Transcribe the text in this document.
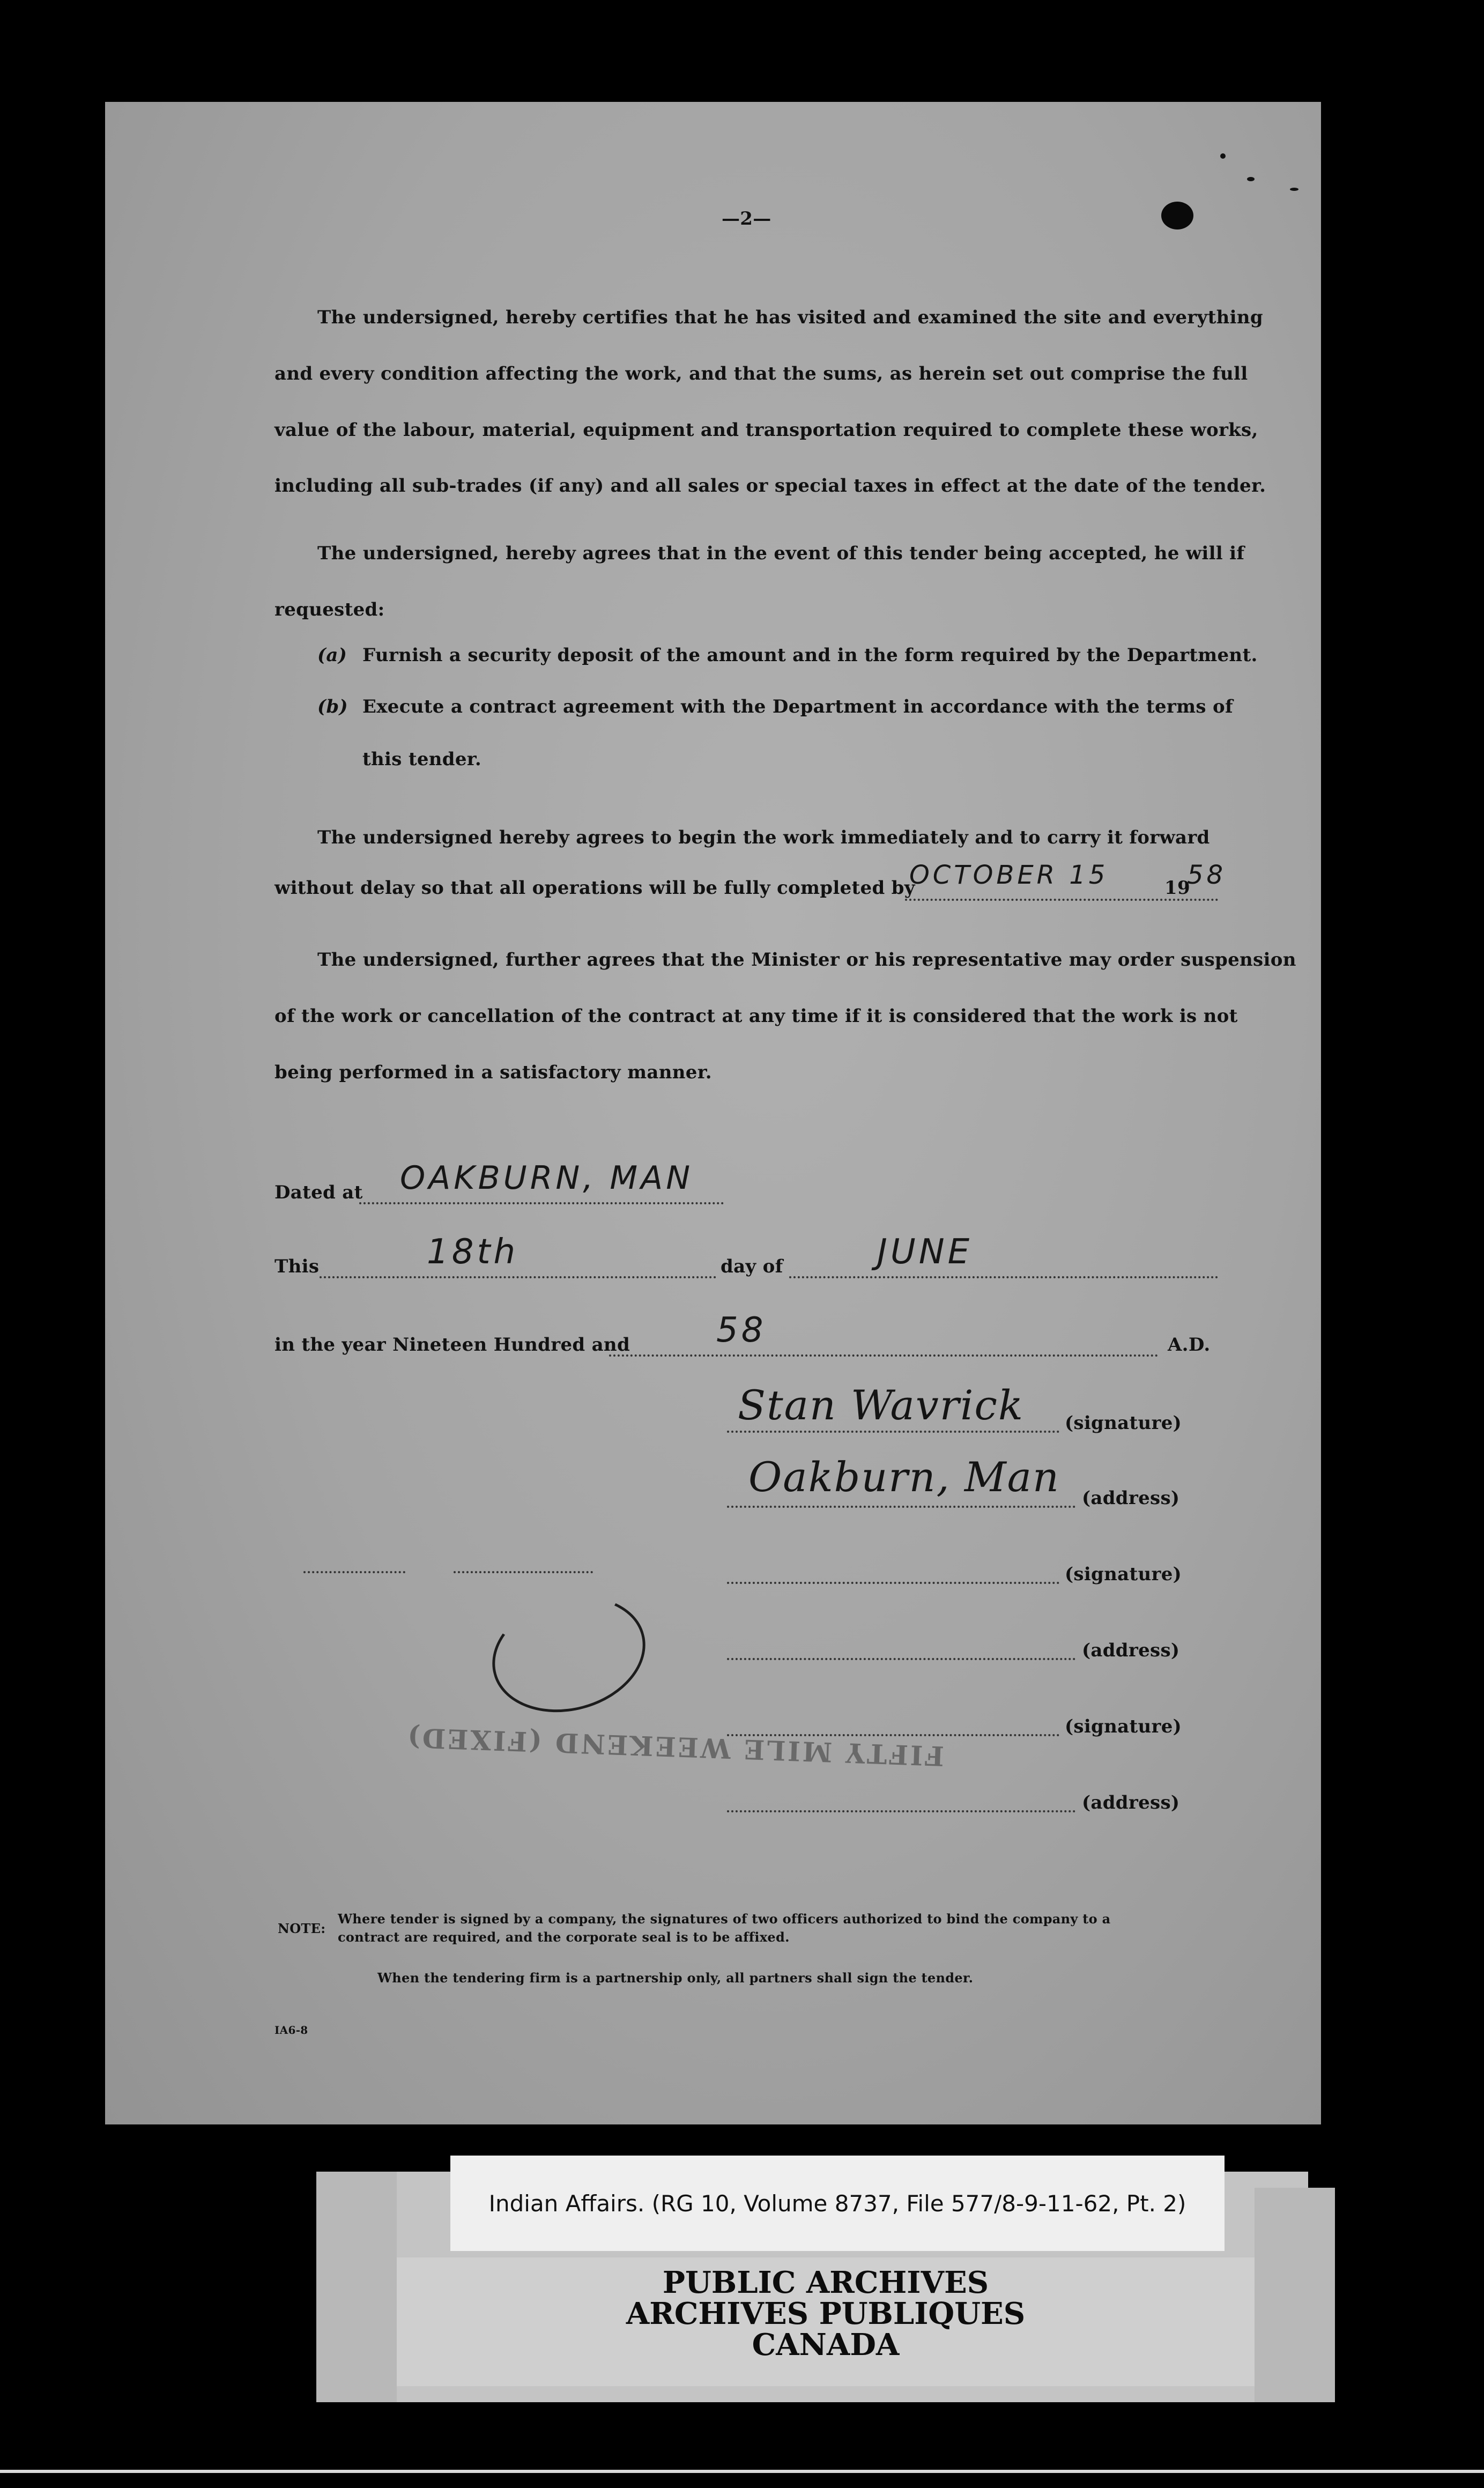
—2—
The undersigned, hereby certifies that he has visited and examined the site and everything
and every condition affecting the work, and that the sums, as herein set out comprise the full
value of the labour, material, equipment and transportation required to complete these works,
including all sub-trades (if any) and all sales or special taxes in effect at the date of the tender.
The undersigned, hereby agrees that in the event of this tender being accepted, he will if
requested:
(a) Furnish a security deposit of the amount and in the form required by the Department.
(b) Execute a contract agreement with the Department in accordance with the terms of
this tender.
The undersigned hereby agrees to begin the work immediately and to carry it forward
without delay so that all operations will be fully completed by
OCTOBER 15	19
58
The undersigned, further agrees that the Minister or his representative may order suspension
of the work or cancellation of the contract at any time if it is considered that the work is not
being performed in a satisfactory manner.
Dated at OAKBURN, MAN
This	18th	day of	JUNE
in the year Nineteen Hundred and	58	A.D.
Stan Wavrick (signature)
Oakburn, Man (address)
(signature)
(address)
FIFTY MILE WEEKEND (FIXED)	(signature)
(address)
NOTE:
Where tender is signed by a company, the signatures of two officers authorized to bind the company to a
contract are required, and the corporate seal is to be affixed.
When the tendering firm is a partnership only, all partners shall sign the tender.
IA6-8
Indian Affairs. (RG 10, Volume 8737, File 577/8-9-11-62, Pt. 2)
PUBLIC ARCHIVES
ARCHIVES PUBLIQUES
CANADA
